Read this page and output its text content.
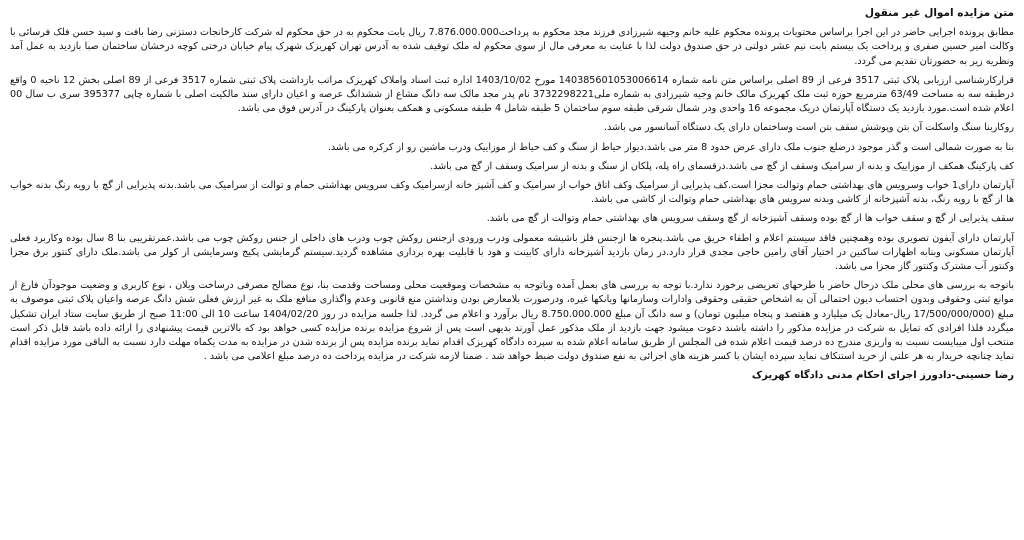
متن مزایده اموال غیر منقول

مطابق پرونده اجرایی حاضر در این اجرا براساس محتویات پرونده محکوم علیه خانم وجیهه شیرزادی فرزند مجد محکوم به پرداخت7.876.000.000 ریال بابت محکوم به در حق محکوم له شرکت کارخانجات دستزنی رضا بافت و سید حسن فلک فرسائی با وکالت امیر حسین صفری و پرداخت یک بیستم بابت نیم عشر دولتی در حق صندوق دولت لذا با عنایت به معرفی مال از سوی محکوم له ملک توقیف شده به آدرس تهران کهریزک شهرک پیام خیابان درختی کوچه درخشان ساختمان صبا بازدید به عمل آمد ونظریه زیر به حضورتان تقدیم می گردد.

قرارکارشناسی ارزیابی پلاک ثبتی 3517 فرعی از 89 اصلی براساس متن نامه شماره 140385601053006614 مورخ 1403/10/02 اداره ثبت اسناد واملاک کهریزک مراتب بازداشت پلاک ثبتی شماره 3517 فرعی از 89 اصلی بخش 12 ناحیه 0 واقع درطبقه سه به مساحت 63/49 مترمربع حوزه ثبت ملک کهریزک مالک خانم وجیه شیرزادی به شماره ملی3732298221 نام پدر مجد مالک سه دانگ مشاع از ششدانگ عرصه و اعیان دارای سند مالکیت اصلی با شماره چاپی 395377 سری ب سال 00 اعلام شده است.مورد بازدید یک دستگاه آپارتمان دریک مجموعه 16 واحدی ودر شمال شرقی طبقه سوم ساختمان 5 طبقه شامل 4 طبقه مسکونی و همکف بعنوان پارکینگ در آدرس فوق می باشد.

روکاربنا سنگ واسکلت آن بتن وپوشش سقف بتن است وساختمان دارای یک دستگاه آسانسور می باشد.

بنا به صورت شمالی است و گذر موجود درضلع جنوب ملک دارای عرض حدود 8 متر می باشد.دیوار حیاط از سنگ و کف حیاط از موزاییک ودرب ماشین رو از کرکره می باشد.

کف پارکینگ همکف از موزاییک و بدنه از سرامیک وسقف از گچ می باشد.درقسمای راه پله، پلکان از سنگ و بدنه از سرامیک وسقف از گچ می باشد.

آپارتمان دارای1 خواب وسرویس های بهداشتی حمام وتوالت مجزا است.کف پذیرایی از سرامیک وکف اتاق خواب از سرامیک و کف آشپز خانه ازسرامیک وکف سرویس بهداشتی حمام و توالت از سرامیک می باشد.بدنه پذیرایی از گچ با رویه رنگ بدنه خواب ها از گچ با رویه رنگ، بدنه آشپزخانه از کاشی وبدنه سرویس های بهداشتی حمام وتوالت از کاشی می باشد.

سقف پذیرایی از گچ و سقف خواب ها از گچ بوده وسقف آشپزخانه از گچ وسقف سرویس های بهداشتی حمام وتوالت از گچ می باشد.

آپارتمان دارای آیفون تصویری بوده وهمچنین فاقد سیستم اعلام و اطفاء حریق می باشد.پنجره ها ازجنس فلز باشیشه معمولی ودرب ورودی ازجنس روکش چوب ودرب های داخلی از جنس روکش چوب می باشد.عمرتقریبی بنا 8 سال بوده وکاربرد فعلی آپارتمان مسکونی وبنابه اظهارات ساکنین در اختیار آقای رامین حاجی مجدی قرار دارد.در زمان بازدید آشپزخانه دارای کابینت و هود با قابلیت بهره برداری مشاهده گردید.سیستم گرمایشی پکیج وسرمایشی از کولر می باشد.ملک دارای کنتور برق مجزا وکنتور آب مشترک وکنتور گاز مجزا می باشد.

باتوجه به بررسی های محلی ملک درحال حاضر با طرحهای تعریضی برخورد ندارد.با توجه به بررسی های بعمل آمده وباتوجه به مشخصات وموقعیت محلی ومساحت وقدمت بنا، نوع مصالح مصرفی درساخت ویلان ، نوع کاربری و وضعیت موجودآن فارغ از موانع ثبتی وحقوقی وبدون احتساب دیون احتمالی آن به اشخاص حقیقی وحقوقی وادارات وسازمانها وبانکها غیره، ودرصورت بلامعارض بودن ونداشتن منع قانونی وعدم واگذاری منافع ملک به غیر ارزش فعلی شش دانگ عرصه واعیان پلاک ثبتی موصوف به مبلغ (17/500/000/000 ریال-معادل یک میلیارد و هفتصد و پنجاه میلیون تومان) و سه دانگ آن مبلغ 8.750.000.000 ریال برآورد و اعلام می گردد. لذا جلسه مزایده در روز 1404/02/20 ساعت 10 الی 11:00 صبح از طریق سایت ستاد ایران تشکیل میگردد فلذا افرادی که تمایل به شرکت در مزایده مذکور را داشته باشند دعوت میشود جهت بازدید از ملک مذکور عمل آورند بدیهی است پس از شروع مزایده برنده مزایده کسی خواهد بود که بالاترین قیمت پیشنهادی را ارائه داده باشد قابل ذکر است منتخب اول میبایست نسبت به واریزی مندرج ده درصد قیمت اعلام شده فی المجلس از طریق سامانه اعلام شده به سپرده دادگاه کهریزک اقدام نماید برنده مزایده پس از برنده شدن در مزایده به مدت یکماه مهلت دارد نسبت به الباقی مورد مزایده اقدام نماید چنانچه خریدار به هر علتی از خرید استنکاف نماید سپرده ایشان با کسر هزینه های اجرائی به نفع صندوق دولت ضبط خواهد شد . ضمنا لازمه شرکت در مزایده پرداخت ده درصد مبلغ اعلامی می باشد .

رضا حسینی-دادورز اجرای احکام مدنی دادگاه کهریزک
